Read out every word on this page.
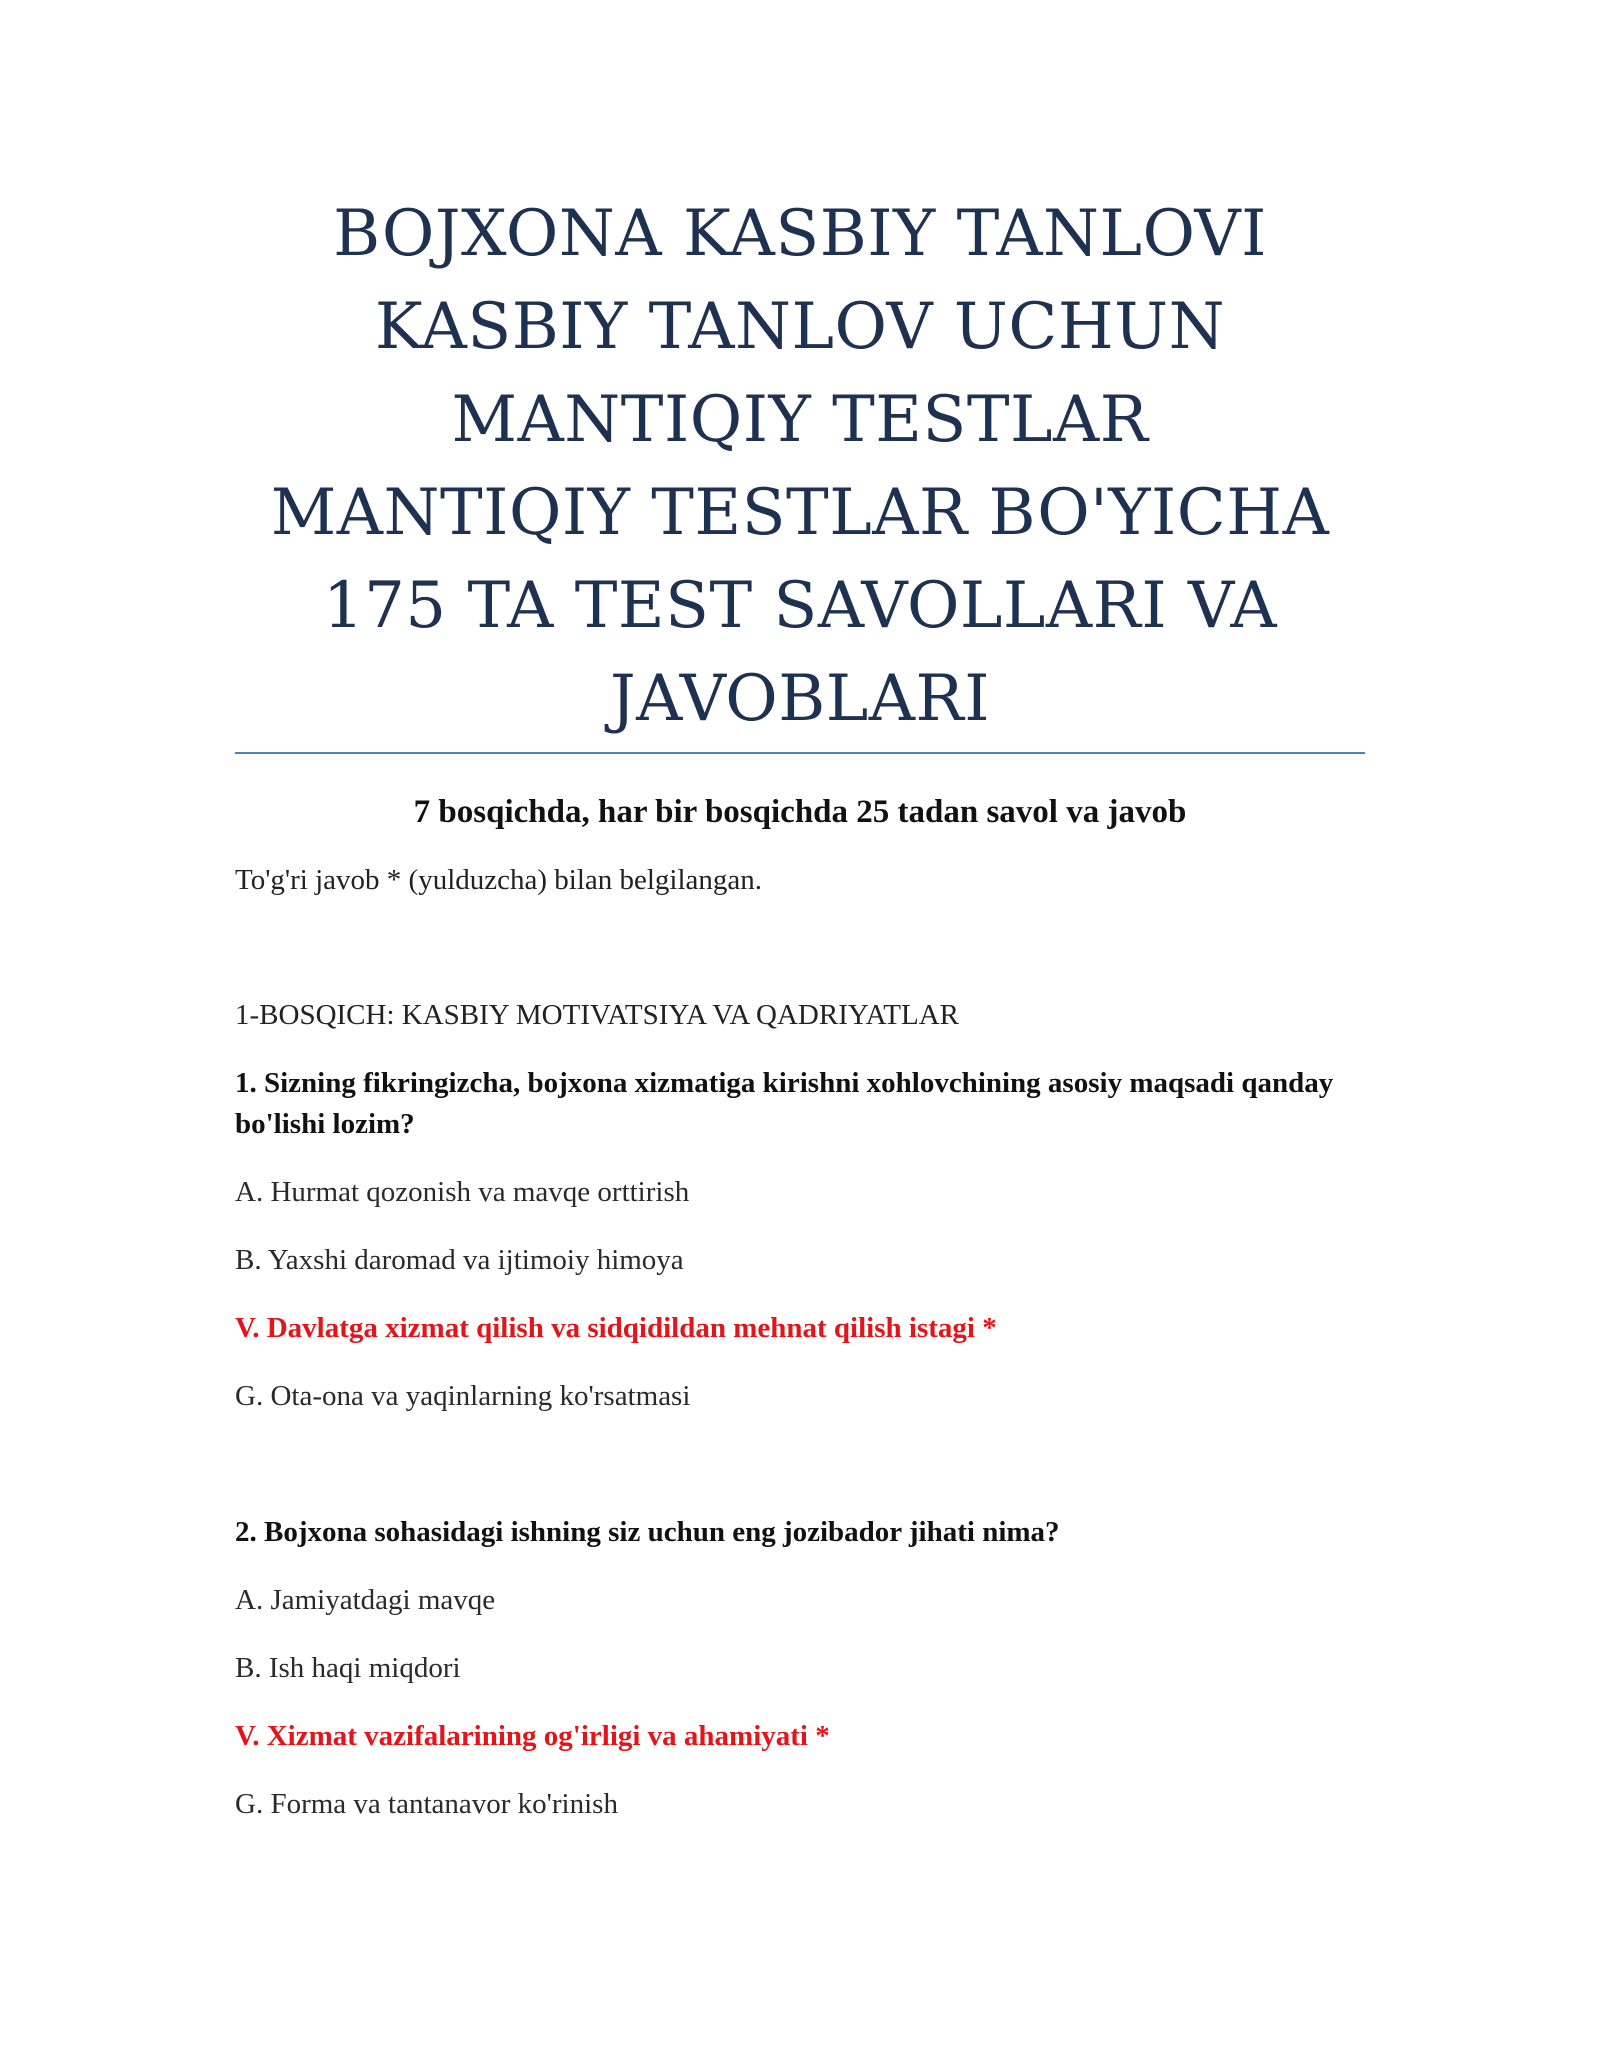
BOJXONA KASBIY TANLOVI
KASBIY TANLOV UCHUN
MANTIQIY TESTLAR
MANTIQIY TESTLAR BO'YICHA
175 TA TEST SAVOLLARI VA
JAVOBLARI

7 bosqichda, har bir bosqichda 25 tadan savol va javob

To'g'ri javob * (yulduzcha) bilan belgilangan.

1-BOSQICH: KASBIY MOTIVATSIYA VA QADRIYATLAR

1. Sizning fikringizcha, bojxona xizmatiga kirishni xohlovchining asosiy maqsadi qanday bo'lishi lozim?

A. Hurmat qozonish va mavqe orttirish

B. Yaxshi daromad va ijtimoiy himoya

V. Davlatga xizmat qilish va sidqidildan mehnat qilish istagi *

G. Ota-ona va yaqinlarning ko'rsatmasi

2. Bojxona sohasidagi ishning siz uchun eng jozibador jihati nima?

A. Jamiyatdagi mavqe

B. Ish haqi miqdori

V. Xizmat vazifalarining og'irligi va ahamiyati *

G. Forma va tantanavor ko'rinish
